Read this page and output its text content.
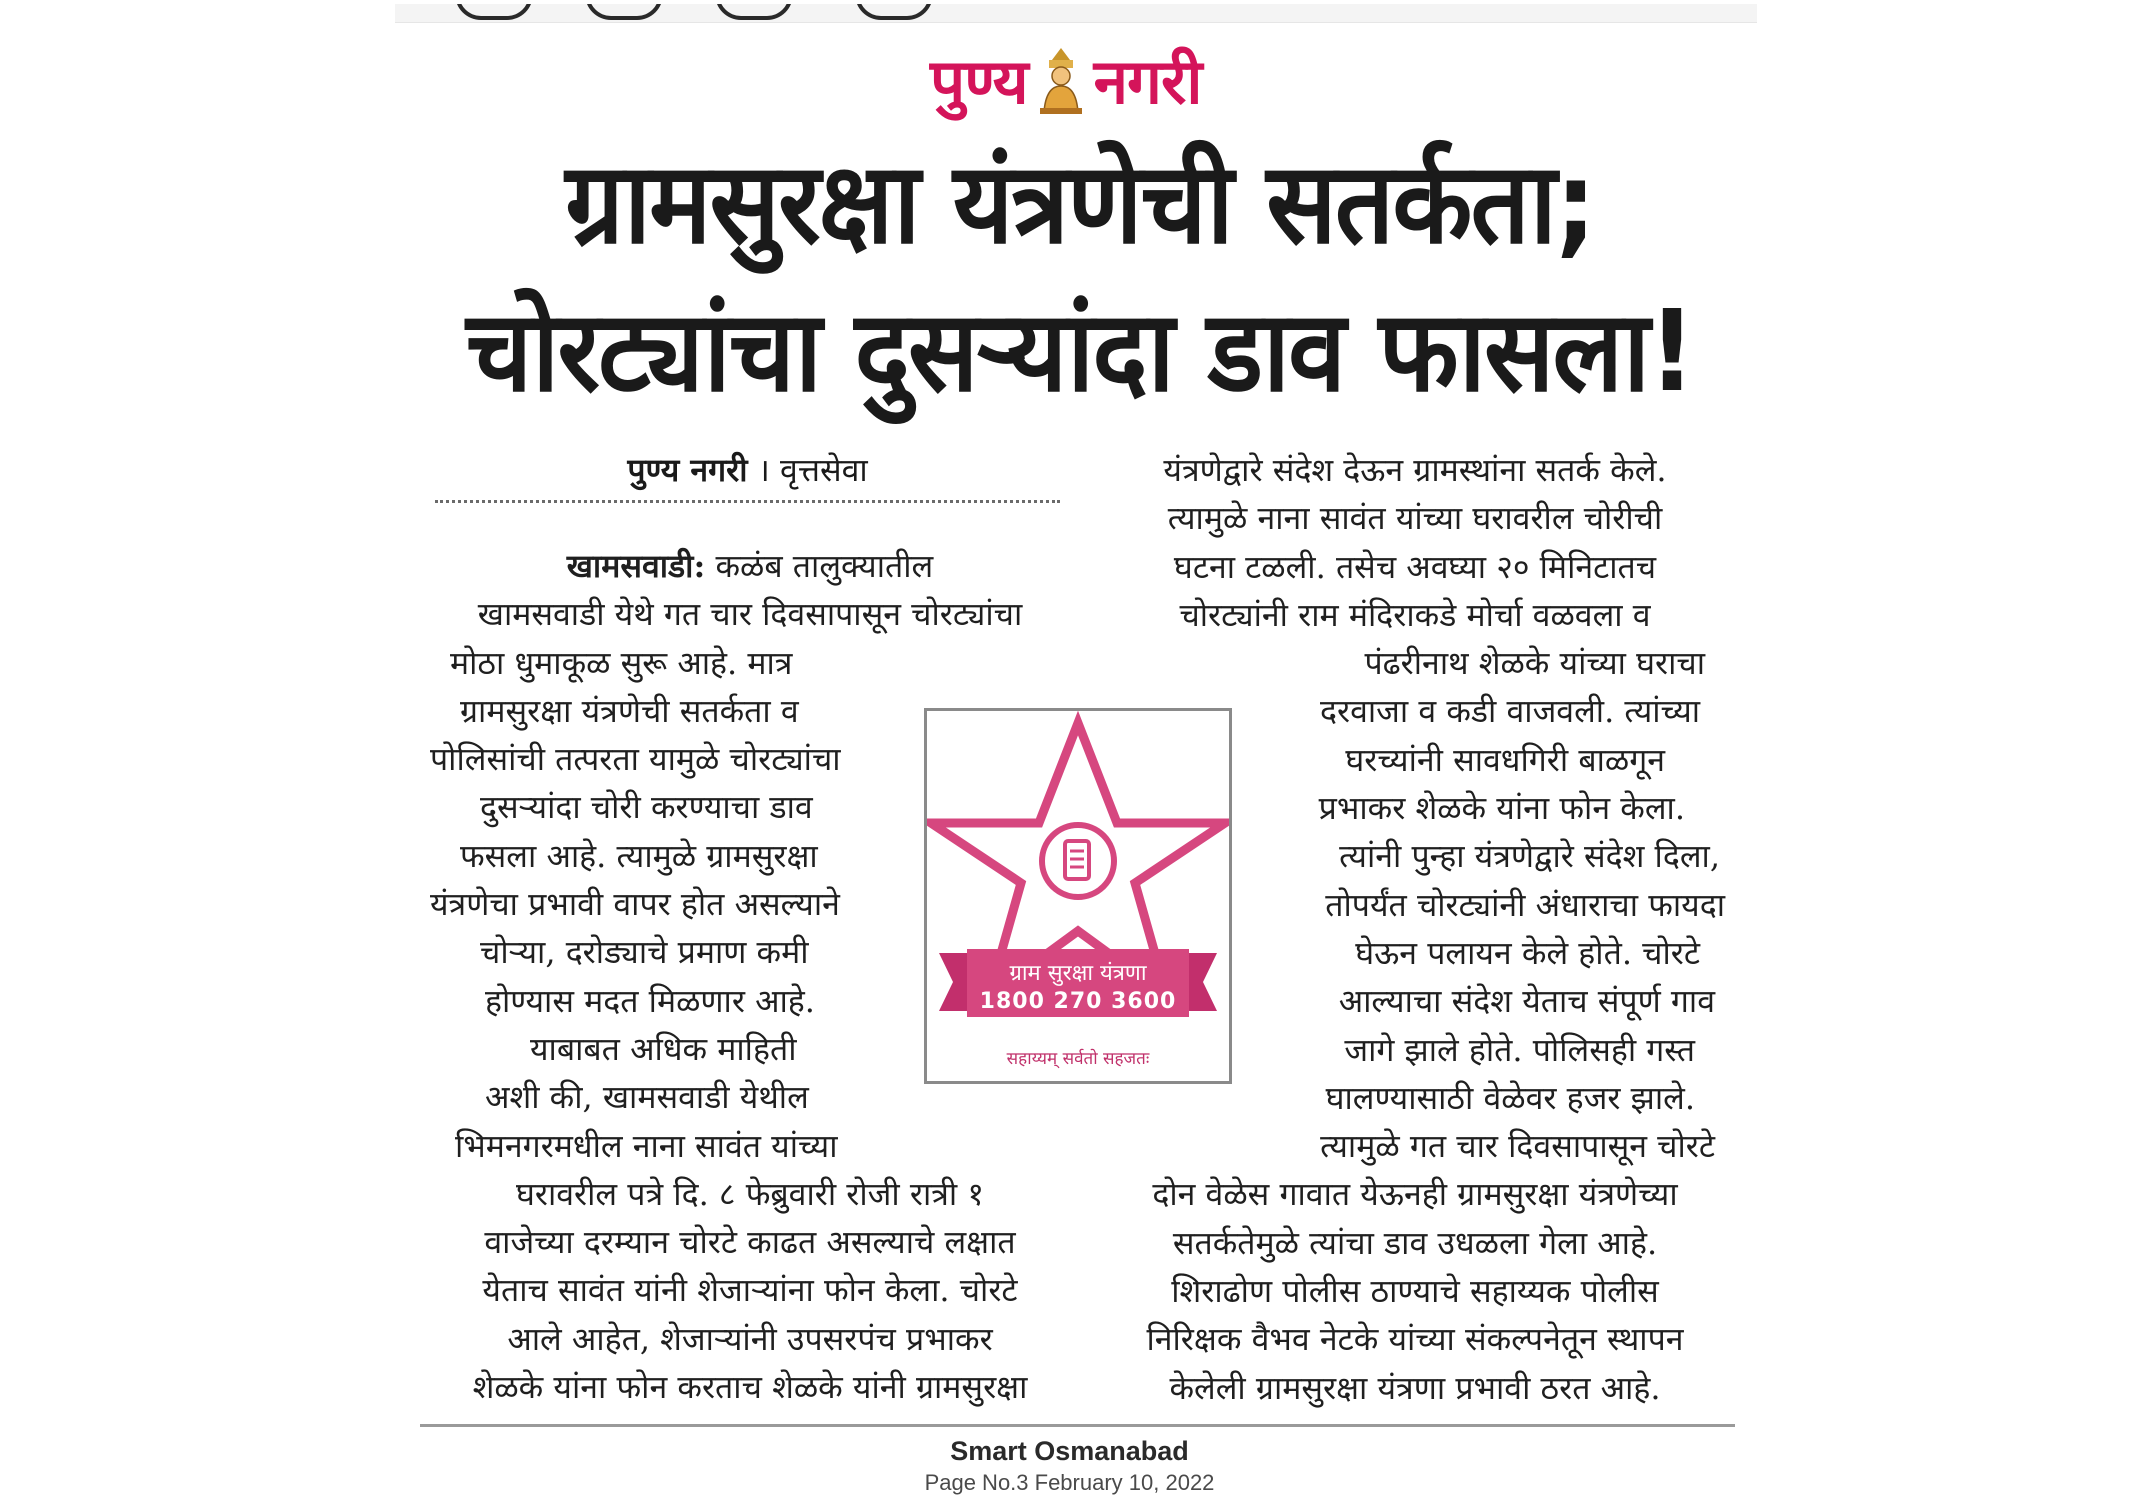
पुण्य नगरी
ग्रामसुरक्षा यंत्रणेची सतर्कता;
चोरट्यांचा दुसऱ्यांदा डाव फासला!
पुण्य नगरी । वृत्तसेवा
खामसवाडी: कळंब तालुक्यातील
खामसवाडी येथे गत चार दिवसापासून चोरट्यांचा
मोठा धुमाकूळ सुरू आहे. मात्र
ग्रामसुरक्षा यंत्रणेची सतर्कता व
पोलिसांची तत्परता यामुळे चोरट्यांचा
दुसऱ्यांदा चोरी करण्याचा डाव
फसला आहे. त्यामुळे ग्रामसुरक्षा
यंत्रणेचा प्रभावी वापर होत असल्याने
चोऱ्या, दरोड्याचे प्रमाण कमी
होण्यास मदत मिळणार आहे.
याबाबत अधिक माहिती
अशी की, खामसवाडी येथील
भिमनगरमधील नाना सावंत यांच्या
घरावरील पत्रे दि. ८ फेब्रुवारी रोजी रात्री १
वाजेच्या दरम्यान चोरटे काढत असल्याचे लक्षात
येताच सावंत यांनी शेजाऱ्यांना फोन केला. चोरटे
आले आहेत, शेजाऱ्यांनी उपसरपंच प्रभाकर
शेळके यांना फोन करताच शेळके यांनी ग्रामसुरक्षा
ग्राम सुरक्षा यंत्रणा
1800 270 3600
सहाय्यम् सर्वतो सहजतः
यंत्रणेद्वारे संदेश देऊन ग्रामस्थांना सतर्क केले.
त्यामुळे नाना सावंत यांच्या घरावरील चोरीची
घटना टळली. तसेच अवघ्या २० मिनिटातच
चोरट्यांनी राम मंदिराकडे मोर्चा वळवला व
पंढरीनाथ शेळके यांच्या घराचा
दरवाजा व कडी वाजवली. त्यांच्या
घरच्यांनी सावधगिरी बाळगून
प्रभाकर शेळके यांना फोन केला.
त्यांनी पुन्हा यंत्रणेद्वारे संदेश दिला,
तोपर्यंत चोरट्यांनी अंधाराचा फायदा
घेऊन पलायन केले होते. चोरटे
आल्याचा संदेश येताच संपूर्ण गाव
जागे झाले होते. पोलिसही गस्त
घालण्यासाठी वेळेवर हजर झाले.
त्यामुळे गत चार दिवसापासून चोरटे
दोन वेळेस गावात येऊनही ग्रामसुरक्षा यंत्रणेच्या
सतर्कतेमुळे त्यांचा डाव उधळला गेला आहे.
शिराढोण पोलीस ठाण्याचे सहाय्यक पोलीस
निरिक्षक वैभव नेटके यांच्या संकल्पनेतून स्थापन
केलेली ग्रामसुरक्षा यंत्रणा प्रभावी ठरत आहे.
Smart Osmanabad
Page No.3 February 10, 2022
